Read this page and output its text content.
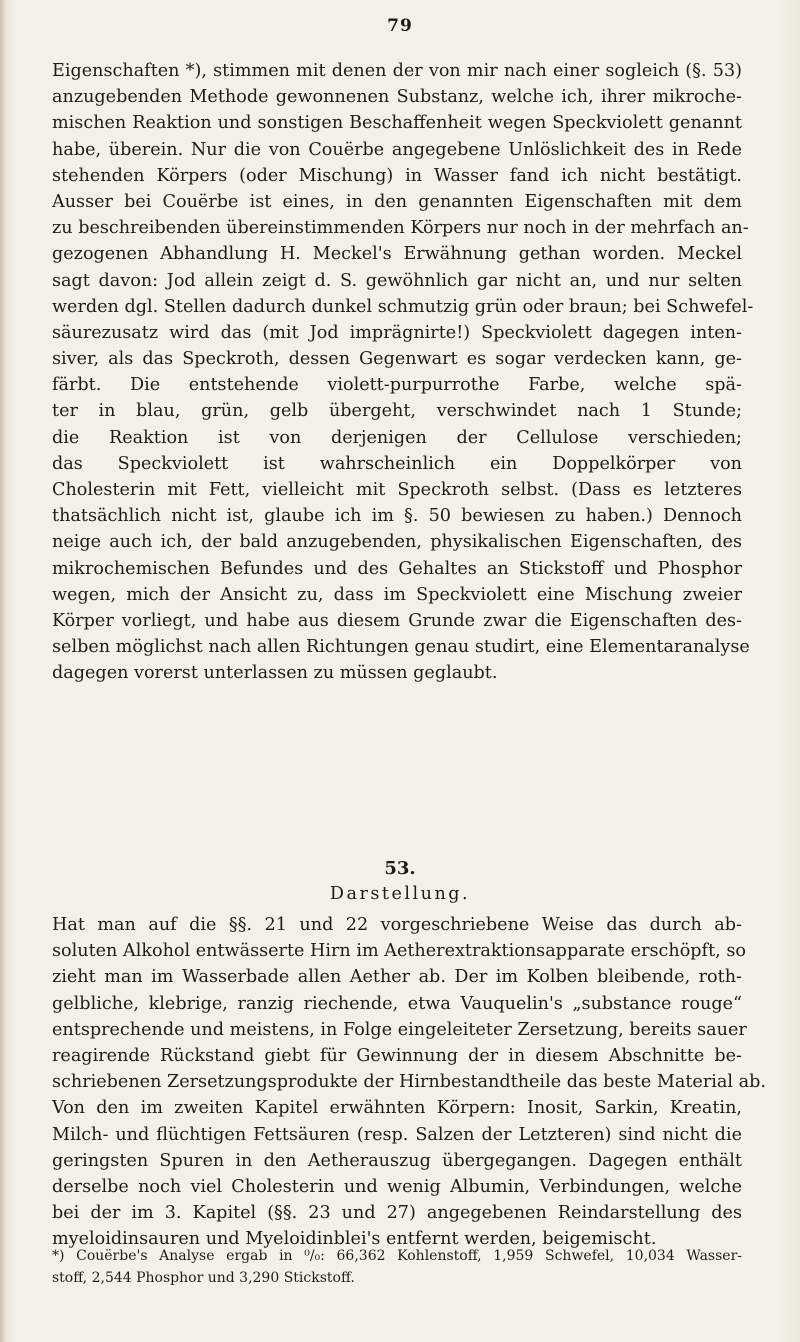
79
Eigenschaften *), stimmen mit denen der von mir nach einer sogleich (§. 53)
anzugebenden Methode gewonnenen Substanz, welche ich, ihrer mikroche-
mischen Reaktion und sonstigen Beschaffenheit wegen Speckviolett genannt
habe, überein. Nur die von Couërbe angegebene Unlöslichkeit des in Rede
stehenden Körpers (oder Mischung) in Wasser fand ich nicht bestätigt.
Ausser bei Couërbe ist eines, in den genannten Eigenschaften mit dem
zu beschreibenden übereinstimmenden Körpers nur noch in der mehrfach an-
gezogenen Abhandlung H. Meckel's Erwähnung gethan worden. Meckel
sagt davon: Jod allein zeigt d. S. gewöhnlich gar nicht an, und nur selten
werden dgl. Stellen dadurch dunkel schmutzig grün oder braun; bei Schwefel-
säurezusatz wird das (mit Jod imprägnirte!) Speckviolett dagegen inten-
siver, als das Speckroth, dessen Gegenwart es sogar verdecken kann, ge-
färbt. Die entstehende violett-purpurrothe Farbe, welche spä-
ter in blau, grün, gelb übergeht, verschwindet nach 1 Stunde;
die Reaktion ist von derjenigen der Cellulose verschieden;
das Speckviolett ist wahrscheinlich ein Doppelkörper von
Cholesterin mit Fett, vielleicht mit Speckroth selbst. (Dass es letzteres
thatsächlich nicht ist, glaube ich im §. 50 bewiesen zu haben.) Dennoch
neige auch ich, der bald anzugebenden, physikalischen Eigenschaften, des
mikrochemischen Befundes und des Gehaltes an Stickstoff und Phosphor
wegen, mich der Ansicht zu, dass im Speckviolett eine Mischung zweier
Körper vorliegt, und habe aus diesem Grunde zwar die Eigenschaften des-
selben möglichst nach allen Richtungen genau studirt, eine Elementaranalyse
dagegen vorerst unterlassen zu müssen geglaubt.
53.
Darstellung.
Hat man auf die §§. 21 und 22 vorgeschriebene Weise das durch ab-
soluten Alkohol entwässerte Hirn im Aetherextraktionsapparate erschöpft, so
zieht man im Wasserbade allen Aether ab. Der im Kolben bleibende, roth-
gelbliche, klebrige, ranzig riechende, etwa Vauquelin's „substance rouge“
entsprechende und meistens, in Folge eingeleiteter Zersetzung, bereits sauer
reagirende Rückstand giebt für Gewinnung der in diesem Abschnitte be-
schriebenen Zersetzungsprodukte der Hirnbestandtheile das beste Material ab.
Von den im zweiten Kapitel erwähnten Körpern: Inosit, Sarkin, Kreatin,
Milch- und flüchtigen Fettsäuren (resp. Salzen der Letzteren) sind nicht die
geringsten Spuren in den Aetherauszug übergegangen. Dagegen enthält
derselbe noch viel Cholesterin und wenig Albumin, Verbindungen, welche
bei der im 3. Kapitel (§§. 23 und 27) angegebenen Reindarstellung des
myeloidinsauren und Myeloidinblei's entfernt werden, beigemischt.
*) Couërbe's Analyse ergab in ⁰/₀: 66,362 Kohlenstoff, 1,959 Schwefel, 10,034 Wasser-
stoff, 2,544 Phosphor und 3,290 Stickstoff.
